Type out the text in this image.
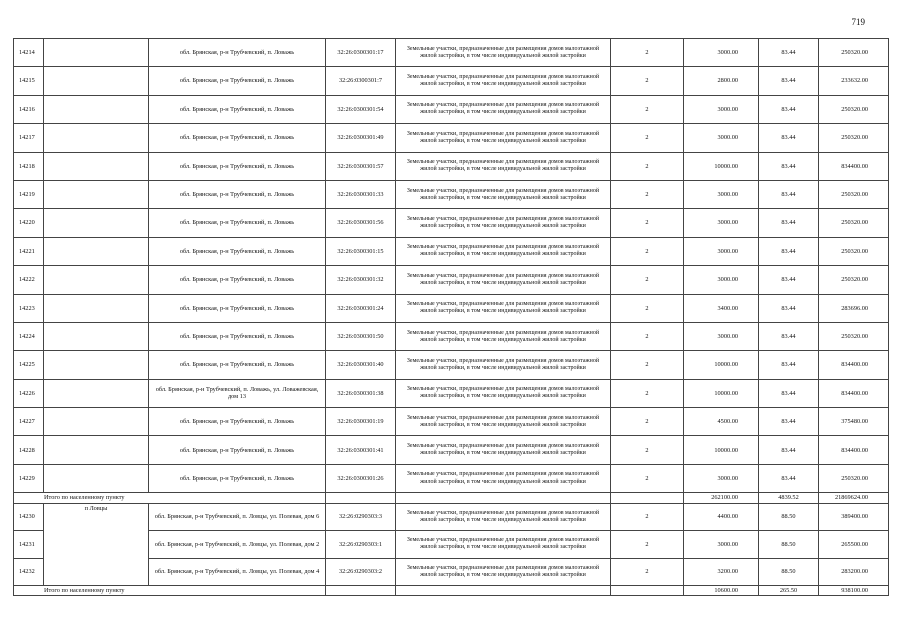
719
14214		обл. Брянская, р-н Трубчевский, п. Ловажь	32:26:0300301:17	Земельные участки, предназначенные для размещения домов малоэтажной жилой застройки, в том числе индивидуальной жилой застройки	2	3000.00	83.44	250320.00
14215		обл. Брянская, р-н Трубчевский, п. Ловажь	32:26:0300301:7	Земельные участки, предназначенные для размещения домов малоэтажной жилой застройки, в том числе индивидуальной жилой застройки	2	2800.00	83.44	233632.00
14216		обл. Брянская, р-н Трубчевский, п. Ловажь	32:26:0300301:54	Земельные участки, предназначенные для размещения домов малоэтажной жилой застройки, в том числе индивидуальной жилой застройки	2	3000.00	83.44	250320.00
14217		обл. Брянская, р-н Трубчевский, п. Ловажь	32:26:0300301:49	Земельные участки, предназначенные для размещения домов малоэтажной жилой застройки, в том числе индивидуальной жилой застройки	2	3000.00	83.44	250320.00
14218		обл. Брянская, р-н Трубчевский, п. Ловажь	32:26:0300301:57	Земельные участки, предназначенные для размещения домов малоэтажной жилой застройки, в том числе индивидуальной жилой застройки	2	10000.00	83.44	834400.00
14219		обл. Брянская, р-н Трубчевский, п. Ловажь	32:26:0300301:33	Земельные участки, предназначенные для размещения домов малоэтажной жилой застройки, в том числе индивидуальной жилой застройки	2	3000.00	83.44	250320.00
14220		обл. Брянская, р-н Трубчевский, п. Ловажь	32:26:0300301:56	Земельные участки, предназначенные для размещения домов малоэтажной жилой застройки, в том числе индивидуальной жилой застройки	2	3000.00	83.44	250320.00
14221		обл. Брянская, р-н Трубчевский, п. Ловажь	32:26:0300301:15	Земельные участки, предназначенные для размещения домов малоэтажной жилой застройки, в том числе индивидуальной жилой застройки	2	3000.00	83.44	250320.00
14222		обл. Брянская, р-н Трубчевский, п. Ловажь	32:26:0300301:32	Земельные участки, предназначенные для размещения домов малоэтажной жилой застройки, в том числе индивидуальной жилой застройки	2	3000.00	83.44	250320.00
14223		обл. Брянская, р-н Трубчевский, п. Ловажь	32:26:0300301:24	Земельные участки, предназначенные для размещения домов малоэтажной жилой застройки, в том числе индивидуальной жилой застройки	2	3400.00	83.44	283696.00
14224		обл. Брянская, р-н Трубчевский, п. Ловажь	32:26:0300301:50	Земельные участки, предназначенные для размещения домов малоэтажной жилой застройки, в том числе индивидуальной жилой застройки	2	3000.00	83.44	250320.00
14225		обл. Брянская, р-н Трубчевский, п. Ловажь	32:26:0300301:40	Земельные участки, предназначенные для размещения домов малоэтажной жилой застройки, в том числе индивидуальной жилой застройки	2	10000.00	83.44	834400.00
14226		обл. Брянская, р-н Трубчевский, п. Ловажь, ул. Ловажевская, дом 13	32:26:0300301:38	Земельные участки, предназначенные для размещения домов малоэтажной жилой застройки, в том числе индивидуальной жилой застройки	2	10000.00	83.44	834400.00
14227		обл. Брянская, р-н Трубчевский, п. Ловажь	32:26:0300301:19	Земельные участки, предназначенные для размещения домов малоэтажной жилой застройки, в том числе индивидуальной жилой застройки	2	4500.00	83.44	375480.00
14228		обл. Брянская, р-н Трубчевский, п. Ловажь	32:26:0300301:41	Земельные участки, предназначенные для размещения домов малоэтажной жилой застройки, в том числе индивидуальной жилой застройки	2	10000.00	83.44	834400.00
14229		обл. Брянская, р-н Трубчевский, п. Ловажь	32:26:0300301:26	Земельные участки, предназначенные для размещения домов малоэтажной жилой застройки, в том числе индивидуальной жилой застройки	2	3000.00	83.44	250320.00
Итого по населенному пункту						262100.00	4839.52	21869624.00
14230	п Ловцы	обл. Брянская, р-н Трубчевский, п. Ловцы, ул. Полевая, дом 6	32:26:0290303:3	Земельные участки, предназначенные для размещения домов малоэтажной жилой застройки, в том числе индивидуальной жилой застройки	2	4400.00	88.50	389400.00
14231		обл. Брянская, р-н Трубчевский, п. Ловцы, ул. Полевая, дом 2	32:26:0290303:1	Земельные участки, предназначенные для размещения домов малоэтажной жилой застройки, в том числе индивидуальной жилой застройки	2	3000.00	88.50	265500.00
14232		обл. Брянская, р-н Трубчевский, п. Ловцы, ул. Полевая, дом 4	32:26:0290303:2	Земельные участки, предназначенные для размещения домов малоэтажной жилой застройки, в том числе индивидуальной жилой застройки	2	3200.00	88.50	283200.00
Итого по населенному пункту						10600.00	265.50	938100.00
